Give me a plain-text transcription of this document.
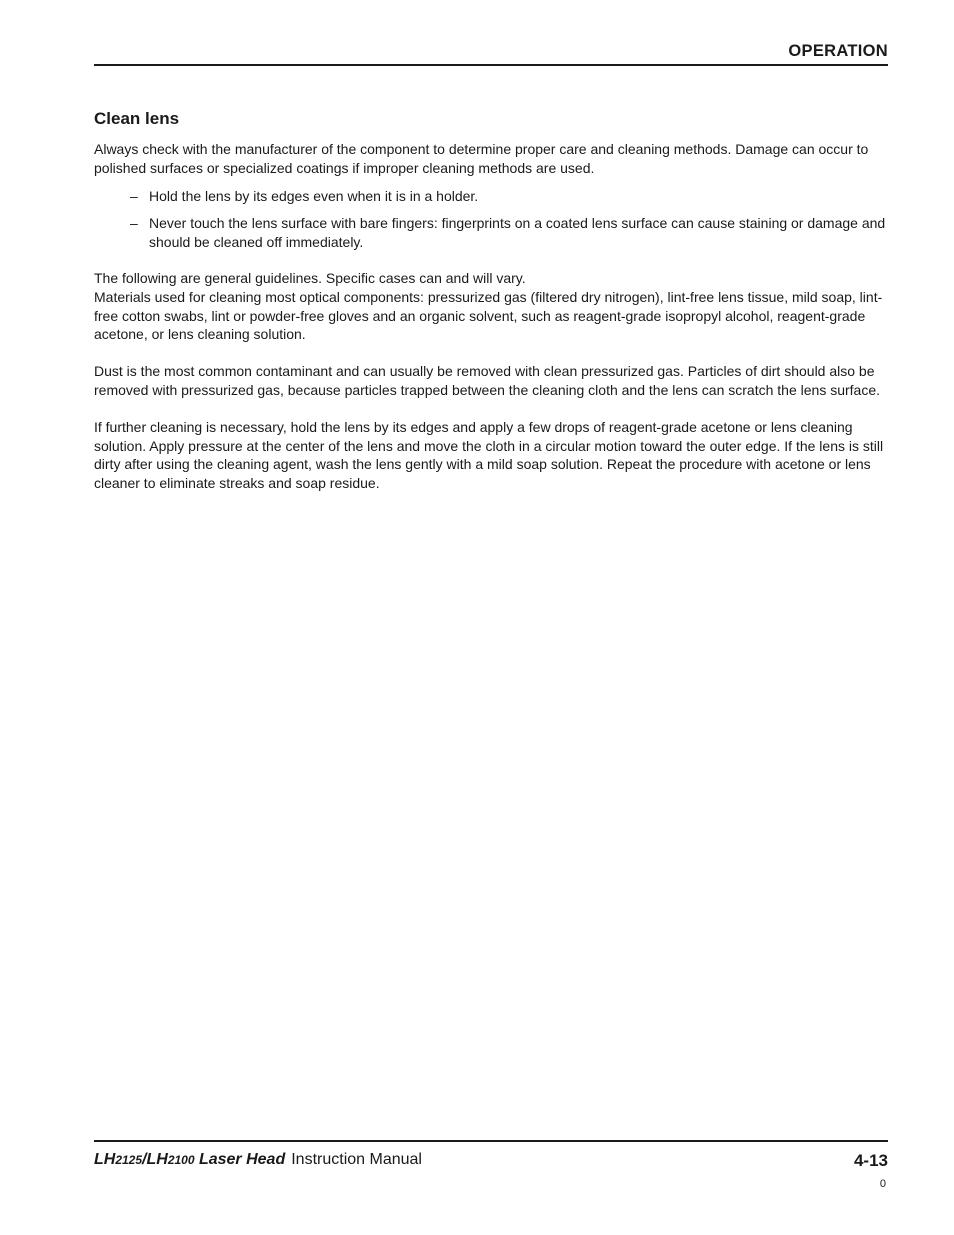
OPERATION
Clean lens

Always check with the manufacturer of the component to determine proper care and cleaning methods. Damage can occur to polished surfaces or specialized coatings if improper cleaning methods are used.

– Hold the lens by its edges even when it is in a holder.
– Never touch the lens surface with bare fingers: fingerprints on a coated lens surface can cause staining or damage and should be cleaned off immediately.

The following are general guidelines. Specific cases can and will vary.

Materials used for cleaning most optical components: pressurized gas (filtered dry nitrogen), lint-free lens tissue, mild soap, lint-free cotton swabs, lint or powder-free gloves and an organic solvent, such as reagent-grade isopropyl alcohol, reagent-grade acetone, or lens cleaning solution.

Dust is the most common contaminant and can usually be removed with clean pressurized gas. Particles of dirt should also be removed with pressurized gas, because particles trapped between the cleaning cloth and the lens can scratch the lens surface.

If further cleaning is necessary, hold the lens by its edges and apply a few drops of reagent-grade acetone or lens cleaning solution. Apply pressure at the center of the lens and move the cloth in a circular motion toward the outer edge. If the lens is still dirty after using the cleaning agent, wash the lens gently with a mild soap solution. Repeat the procedure with acetone or lens cleaner to eliminate streaks and soap residue.

LH2125/LH2100 Laser Head Instruction Manual	4-13
0
